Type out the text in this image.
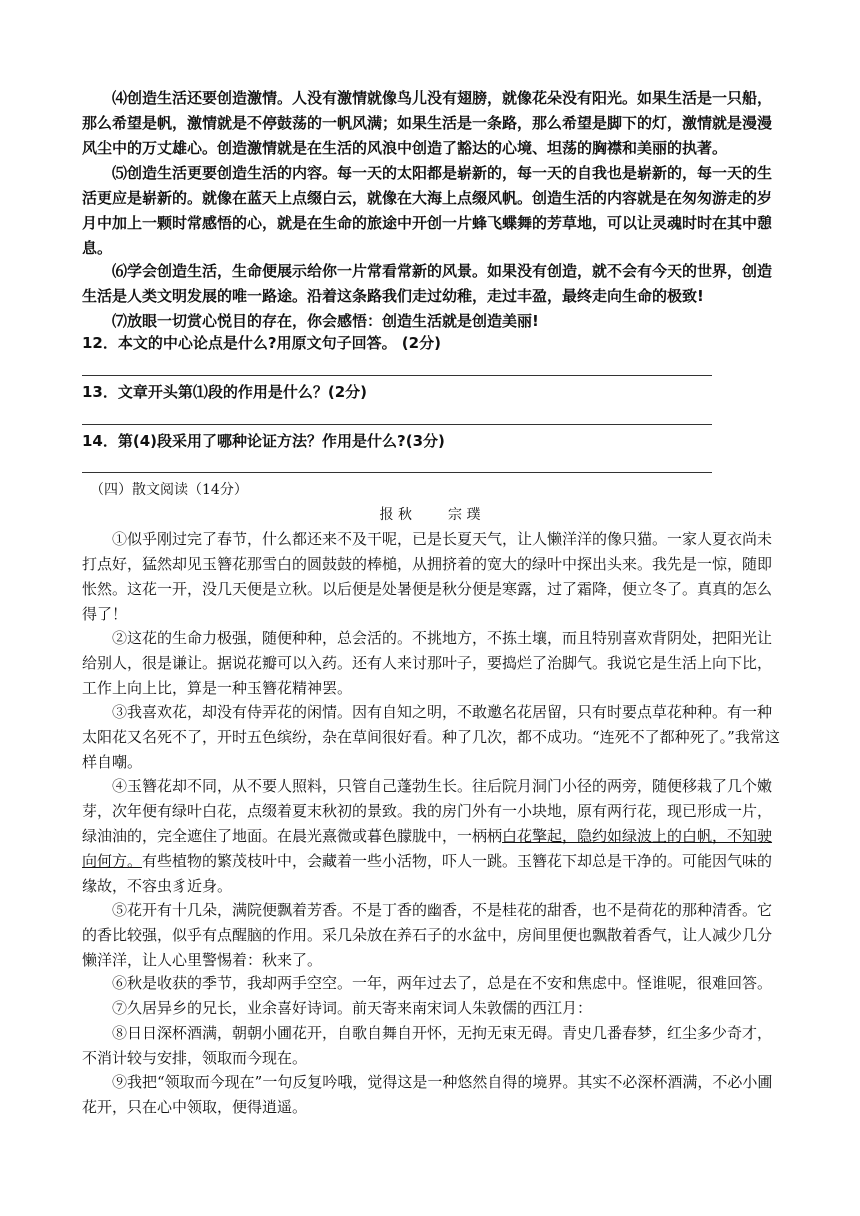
⑷创造生活还要创造激情。人没有激情就像鸟儿没有翅膀，就像花朵没有阳光。如果生活是一只船，那么希望是帆，激情就是不停鼓荡的一帆风满；如果生活是一条路，那么希望是脚下的灯，激情就是漫漫风尘中的万丈雄心。创造激情就是在生活的风浪中创造了豁达的心境、坦荡的胸襟和美丽的执著。
⑸创造生活更要创造生活的内容。每一天的太阳都是崭新的，每一天的自我也是崭新的，每一天的生活更应是崭新的。就像在蓝天上点缀白云，就像在大海上点缀风帆。创造生活的内容就是在匆匆游走的岁月中加上一颗时常感悟的心，就是在生命的旅途中开创一片蜂飞蝶舞的芳草地，可以让灵魂时时在其中憩息。
⑹学会创造生活，生命便展示给你一片常看常新的风景。如果没有创造，就不会有今天的世界，创造生活是人类文明发展的唯一路途。沿着这条路我们走过幼稚，走过丰盈，最终走向生命的极致!
⑺放眼一切赏心悦目的存在，你会感悟：创造生活就是创造美丽!
12．本文的中心论点是什么?用原文句子回答。 (2分)
13．文章开头第⑴段的作用是什么？(2分)
14．第(4)段采用了哪种论证方法？作用是什么?(3分)
（四）散文阅读（14分）
报 秋	宗 璞
①似乎刚过完了春节，什么都还来不及干呢，已是长夏天气，让人懒洋洋的像只猫。一家人夏衣尚未打点好，猛然却见玉簪花那雪白的圆鼓鼓的棒槌，从拥挤着的宽大的绿叶中探出头来。我先是一惊，随即怅然。这花一开，没几天便是立秋。以后便是处暑便是秋分便是寒露，过了霜降，便立冬了。真真的怎么得了！
②这花的生命力极强，随便种种，总会活的。不挑地方，不拣土壤，而且特别喜欢背阴处，把阳光让给别人，很是谦让。据说花瓣可以入药。还有人来讨那叶子，要捣烂了治脚气。我说它是生活上向下比，工作上向上比，算是一种玉簪花精神罢。
③我喜欢花，却没有侍弄花的闲情。因有自知之明，不敢邀名花居留，只有时要点草花种种。有一种太阳花又名死不了，开时五色缤纷，杂在草间很好看。种了几次，都不成功。“连死不了都种死了。”我常这样自嘲。
④玉簪花却不同，从不要人照料，只管自己蓬勃生长。往后院月洞门小径的两旁，随便移栽了几个嫩芽，次年便有绿叶白花，点缀着夏末秋初的景致。我的房门外有一小块地，原有两行花，现已形成一片，绿油油的，完全遮住了地面。在晨光熹微或暮色朦胧中，一柄柄白花擎起，隐约如绿波上的白帆，不知驶向何方。有些植物的繁茂枝叶中，会藏着一些小活物，吓人一跳。玉簪花下却总是干净的。可能因气味的缘故，不容虫豸近身。
⑤花开有十几朵，满院便飘着芳香。不是丁香的幽香，不是桂花的甜香，也不是荷花的那种清香。它的香比较强，似乎有点醒脑的作用。采几朵放在养石子的水盆中，房间里便也飘散着香气，让人减少几分懒洋洋，让人心里警惕着：秋来了。
⑥秋是收获的季节，我却两手空空。一年，两年过去了，总是在不安和焦虑中。怪谁呢，很难回答。
⑦久居异乡的兄长，业余喜好诗词。前天寄来南宋词人朱敦儒的西江月：
⑧日日深杯酒满，朝朝小圃花开，自歌自舞自开怀，无拘无束无碍。青史几番春梦，红尘多少奇才，不消计较与安排，领取而今现在。
⑨我把“领取而今现在”一句反复吟哦，觉得这是一种悠然自得的境界。其实不必深杯酒满，不必小圃花开，只在心中领取，便得逍遥。
